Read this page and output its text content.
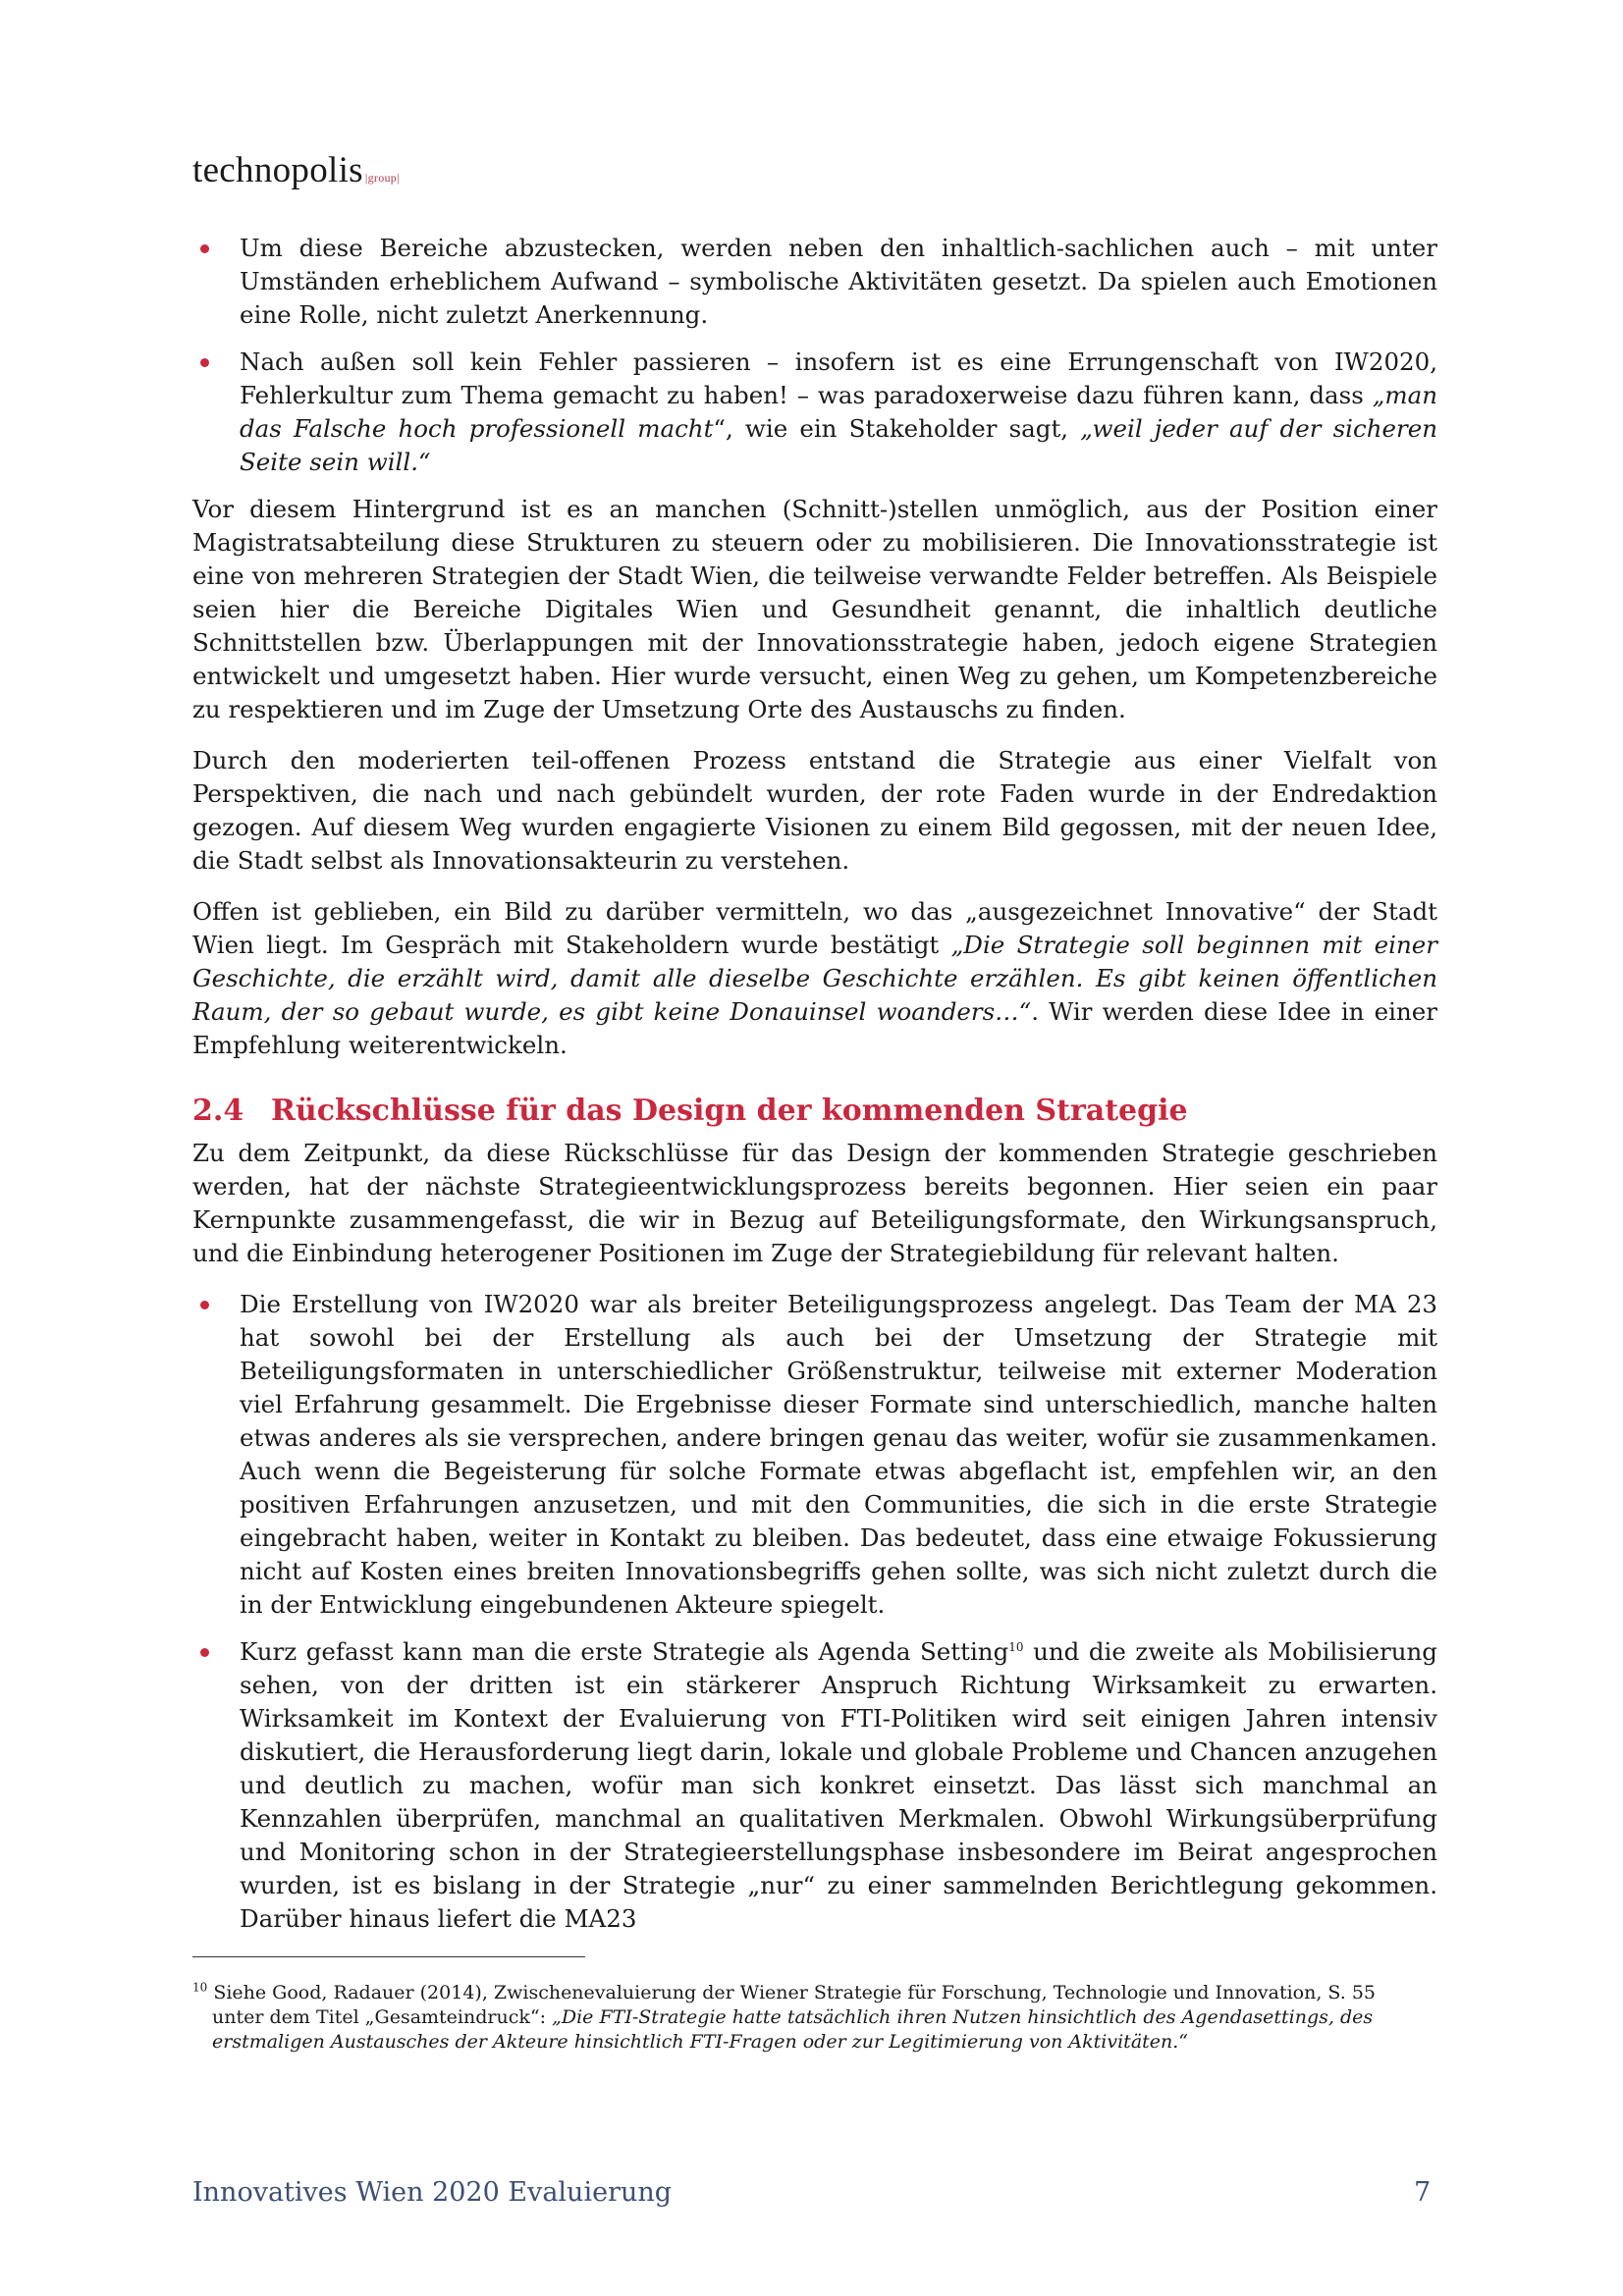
technopolis |group|
Um diese Bereiche abzustecken, werden neben den inhaltlich-sachlichen auch – mit unter Umständen erheblichem Aufwand – symbolische Aktivitäten gesetzt. Da spielen auch Emotionen eine Rolle, nicht zuletzt Anerkennung.
Nach außen soll kein Fehler passieren – insofern ist es eine Errungenschaft von IW2020, Fehlerkultur zum Thema gemacht zu haben! – was paradoxerweise dazu führen kann, dass „man das Falsche hoch professionell macht“, wie ein Stakeholder sagt, „weil jeder auf der sicheren Seite sein will.“

Vor diesem Hintergrund ist es an manchen (Schnitt-)stellen unmöglich, aus der Position einer Magistratsabteilung diese Strukturen zu steuern oder zu mobilisieren. Die Innovationsstrategie ist eine von mehreren Strategien der Stadt Wien, die teilweise verwandte Felder betreffen. Als Beispiele seien hier die Bereiche Digitales Wien und Gesundheit genannt, die inhaltlich deutliche Schnittstellen bzw. Überlappungen mit der Innovationsstrategie haben, jedoch eigene Strategien entwickelt und umgesetzt haben. Hier wurde versucht, einen Weg zu gehen, um Kompetenzbereiche zu respektieren und im Zuge der Umsetzung Orte des Austauschs zu finden.

Durch den moderierten teil-offenen Prozess entstand die Strategie aus einer Vielfalt von Perspektiven, die nach und nach gebündelt wurden, der rote Faden wurde in der Endredaktion gezogen. Auf diesem Weg wurden engagierte Visionen zu einem Bild gegossen, mit der neuen Idee, die Stadt selbst als Innovationsakteurin zu verstehen.

Offen ist geblieben, ein Bild zu darüber vermitteln, wo das „ausgezeichnet Innovative“ der Stadt Wien liegt. Im Gespräch mit Stakeholdern wurde bestätigt „Die Strategie soll beginnen mit einer Geschichte, die erzählt wird, damit alle dieselbe Geschichte erzählen. Es gibt keinen öffentlichen Raum, der so gebaut wurde, es gibt keine Donauinsel woanders…“. Wir werden diese Idee in einer Empfehlung weiterentwickeln.

2.4 Rückschlüsse für das Design der kommenden Strategie

Zu dem Zeitpunkt, da diese Rückschlüsse für das Design der kommenden Strategie geschrieben werden, hat der nächste Strategieentwicklungsprozess bereits begonnen. Hier seien ein paar Kernpunkte zusammengefasst, die wir in Bezug auf Beteiligungsformate, den Wirkungsanspruch, und die Einbindung heterogener Positionen im Zuge der Strategiebildung für relevant halten.

Die Erstellung von IW2020 war als breiter Beteiligungsprozess angelegt. Das Team der MA 23 hat sowohl bei der Erstellung als auch bei der Umsetzung der Strategie mit Beteiligungsformaten in unterschiedlicher Größenstruktur, teilweise mit externer Moderation viel Erfahrung gesammelt. Die Ergebnisse dieser Formate sind unterschiedlich, manche halten etwas anderes als sie versprechen, andere bringen genau das weiter, wofür sie zusammenkamen. Auch wenn die Begeisterung für solche Formate etwas abgeflacht ist, empfehlen wir, an den positiven Erfahrungen anzusetzen, und mit den Communities, die sich in die erste Strategie eingebracht haben, weiter in Kontakt zu bleiben. Das bedeutet, dass eine etwaige Fokussierung nicht auf Kosten eines breiten Innovationsbegriffs gehen sollte, was sich nicht zuletzt durch die in der Entwicklung eingebundenen Akteure spiegelt.
Kurz gefasst kann man die erste Strategie als Agenda Setting$^{10}$ und die zweite als Mobilisierung sehen, von der dritten ist ein stärkerer Anspruch Richtung Wirksamkeit zu erwarten. Wirksamkeit im Kontext der Evaluierung von FTI-Politiken wird seit einigen Jahren intensiv diskutiert, die Herausforderung liegt darin, lokale und globale Probleme und Chancen anzugehen und deutlich zu machen, wofür man sich konkret einsetzt. Das lässt sich manchmal an Kennzahlen überprüfen, manchmal an qualitativen Merkmalen. Obwohl Wirkungsüberprüfung und Monitoring schon in der Strategieerstellungsphase insbesondere im Beirat angesprochen wurden, ist es bislang in der Strategie „nur“ zu einer sammelnden Berichtlegung gekommen. Darüber hinaus liefert die MA23
$^{10}$ Siehe Good, Radauer (2014), Zwischenevaluierung der Wiener Strategie für Forschung, Technologie und Innovation, S. 55
unter dem Titel „Gesamteindruck“: „Die FTI-Strategie hatte tatsächlich ihren Nutzen hinsichtlich des Agendasettings, des erstmaligen Austausches der Akteure hinsichtlich FTI-Fragen oder zur Legitimierung von Aktivitäten.“
Innovatives Wien 2020 Evaluierung	7
